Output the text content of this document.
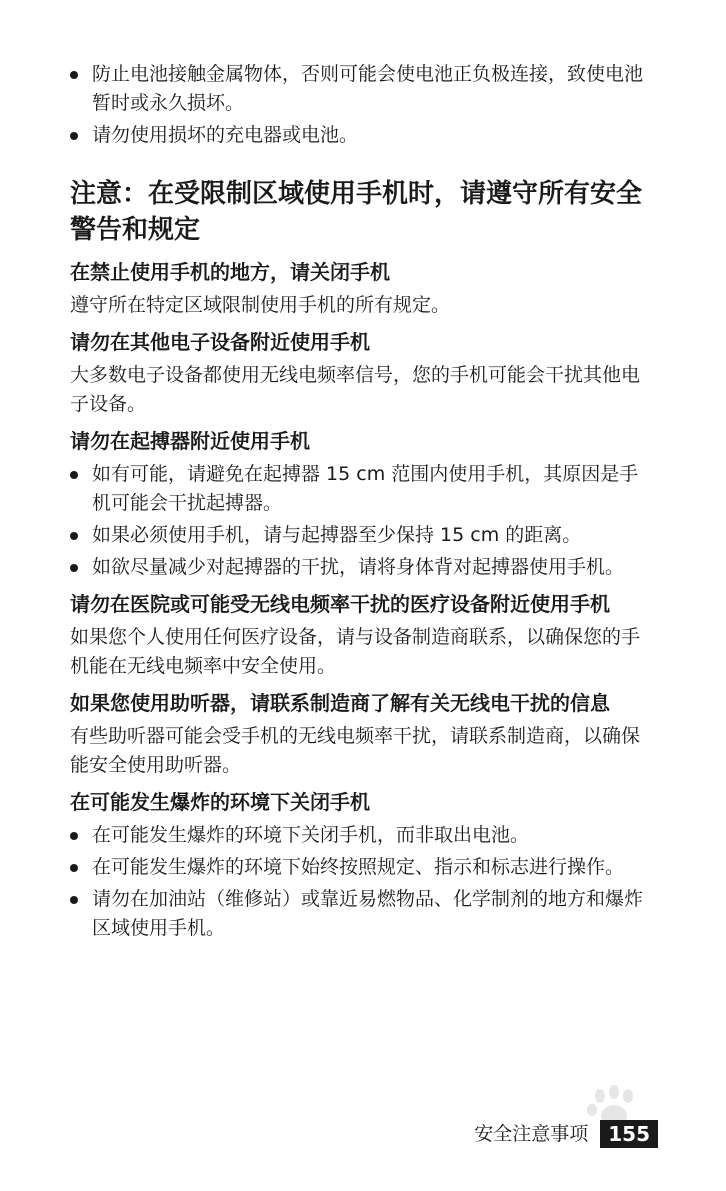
防止电池接触金属物体，否则可能会使电池正负极连接，致使电池暂时或永久损坏。
请勿使用损坏的充电器或电池。
注意：在受限制区域使用手机时，请遵守所有安全警告和规定
在禁止使用手机的地方，请关闭手机
遵守所在特定区域限制使用手机的所有规定。
请勿在其他电子设备附近使用手机
大多数电子设备都使用无线电频率信号，您的手机可能会干扰其他电子设备。
请勿在起搏器附近使用手机
如有可能，请避免在起搏器 15 cm 范围内使用手机，其原因是手机可能会干扰起搏器。
如果必须使用手机，请与起搏器至少保持 15 cm 的距离。
如欲尽量减少对起搏器的干扰，请将身体背对起搏器使用手机。
请勿在医院或可能受无线电频率干扰的医疗设备附近使用手机
如果您个人使用任何医疗设备，请与设备制造商联系，以确保您的手机能在无线电频率中安全使用。
如果您使用助听器，请联系制造商了解有关无线电干扰的信息
有些助听器可能会受手机的无线电频率干扰，请联系制造商，以确保能安全使用助听器。
在可能发生爆炸的环境下关闭手机
在可能发生爆炸的环境下关闭手机，而非取出电池。
在可能发生爆炸的环境下始终按照规定、指示和标志进行操作。
请勿在加油站（维修站）或靠近易燃物品、化学制剂的地方和爆炸区域使用手机。
安全注意事项	155
